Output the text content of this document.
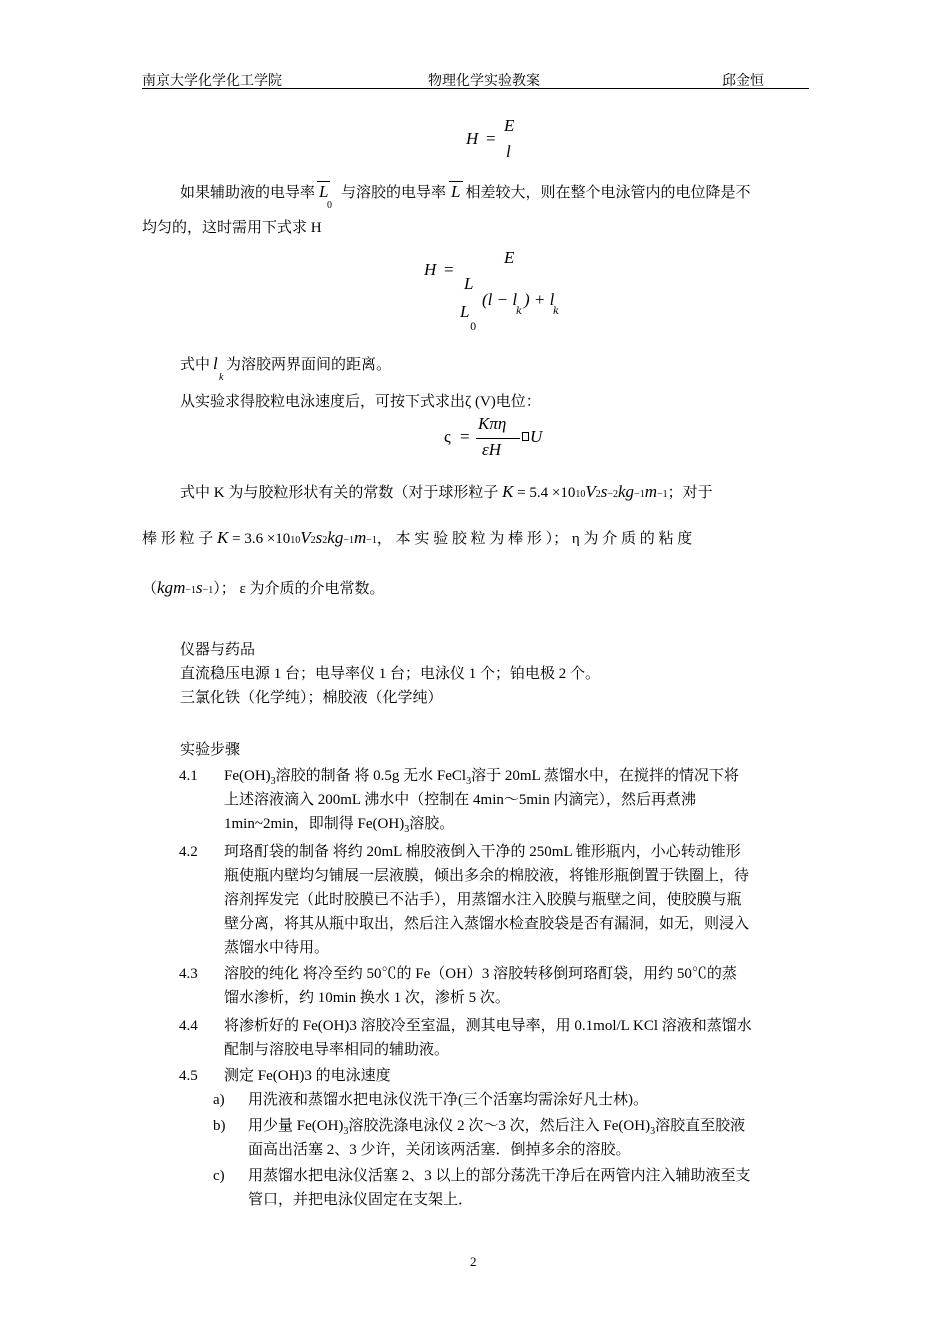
南京大学化学化工学院	物理化学实验教案	邱金恒
H =
E
l
如果辅助液的电导率 L
0
与溶胶的电导率 L 相差较大，则在整个电泳管内的电位降是不
均匀的，这时需用下式求 H
H =
E
L
L
0
(l − l
k
) + l
k
式中 l
k
为溶胶两界面间的距离。
从实验求得胶粒电泳速度后，可按下式求出ζ (V)电位：
ς =
Kπη
εH
U
式中 K 为与胶粒形状有关的常数（对于球形粒子 K = 5.4 ×1010V2s−2kg−1m−1；对于
棒 形 粒 子 K = 3.6 ×1010V2s2kg−1m−1， 本 实 验 胶 粒 为 棒 形 ）； η 为 介 质 的 粘 度
（kgm−1s−1）； ε 为介质的介电常数。
仪器与药品
直流稳压电源 1 台；电导率仪 1 台；电泳仪 1 个；铂电极 2 个。
三氯化铁（化学纯）；棉胶液（化学纯）
实验步骤
4.1 $Fe(OH)_3$溶胶的制备 将 0.5g 无水 FeCl$_3$溶于 20mL 蒸馏水中，在搅拌的情况下将
上述溶液滴入 200mL 沸水中（控制在 4min～5min 内滴完），然后再煮沸
1min~2min，即制得 $Fe(OH)_3$溶胶。
4.2 珂珞酊袋的制备 将约 20mL 棉胶液倒入干净的 250mL 锥形瓶内，小心转动锥形
瓶使瓶内壁均匀铺展一层液膜，倾出多余的棉胶液，将锥形瓶倒置于铁圈上，待
溶剂挥发完（此时胶膜已不沾手），用蒸馏水注入胶膜与瓶壁之间，使胶膜与瓶
壁分离，将其从瓶中取出，然后注入蒸馏水检查胶袋是否有漏洞，如无，则浸入
蒸馏水中待用。
4.3 溶胶的纯化 将冷至约 50℃的 Fe（OH）3 溶胶转移倒珂珞酊袋，用约 50℃的蒸
馏水渗析，约 10min 换水 1 次，渗析 5 次。
4.4 将渗析好的 Fe(OH)3 溶胶冷至室温，测其电导率，用 0.1mol/L KCl 溶液和蒸馏水
配制与溶胶电导率相同的辅助液。
4.5 测定 Fe(OH)3 的电泳速度
a) 用洗液和蒸馏水把电泳仪洗干净(三个活塞均需涂好凡士林)。
b) 用少量 $Fe(OH)_3$溶胶洗涤电泳仪 2 次～3 次，然后注入 $Fe(OH)_3$溶胶直至胶液
面高出活塞 2、3 少许，关闭该两活塞．倒掉多余的溶胶。
c) 用蒸馏水把电泳仪活塞 2、3 以上的部分荡洗干净后在两管内注入辅助液至支
管口，并把电泳仪固定在支架上．
2
